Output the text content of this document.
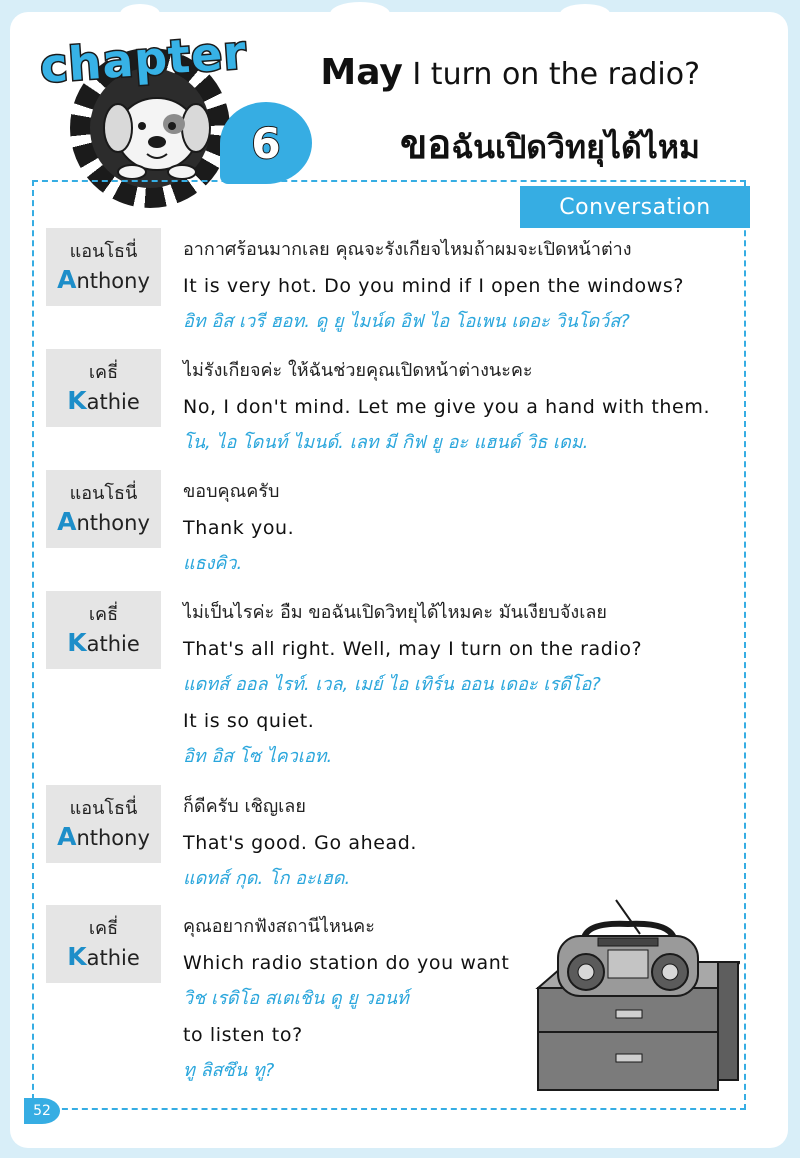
chapter
6
May I turn on the radio?
ขอฉันเปิดวิทยุได้ไหม
Conversation
แอนโธนี่
Anthony
อากาศร้อนมากเลย คุณจะรังเกียจไหมถ้าผมจะเปิดหน้าต่าง
It is very hot. Do you mind if I open the windows?
อิท อิส เวรี ฮอท. ดู ยู ไมน์ด อิฟ ไอ โอเพน เดอะ วินโดว์ส?
เคธี่
Kathie
ไม่รังเกียจค่ะ ให้ฉันช่วยคุณเปิดหน้าต่างนะคะ
No, I don't mind. Let me give you a hand with them.
โน, ไอ โดนท์ ไมนด์. เลท มี กิฟ ยู อะ แฮนด์ วิธ เดม.
แอนโธนี่
Anthony
ขอบคุณครับ
Thank you.
แธงคิว.
เคธี่
Kathie
ไม่เป็นไรค่ะ อืม ขอฉันเปิดวิทยุได้ไหมคะ มันเงียบจังเลย
That's all right. Well, may I turn on the radio?
แดทส์ ออล ไรท์. เวล, เมย์ ไอ เทิร์น ออน เดอะ เรดีโอ?
It is so quiet.
อิท อิส โซ ไควเอท.
แอนโธนี่
Anthony
ก็ดีครับ เชิญเลย
That's good. Go ahead.
แดทส์ กุด. โก อะเฮด.
เคธี่
Kathie
คุณอยากฟังสถานีไหนคะ
Which radio station do you want
วิช เรดิโอ สเตเชิน ดู ยู วอนท์
to listen to?
ทู ลิสซึน ทู?
52
